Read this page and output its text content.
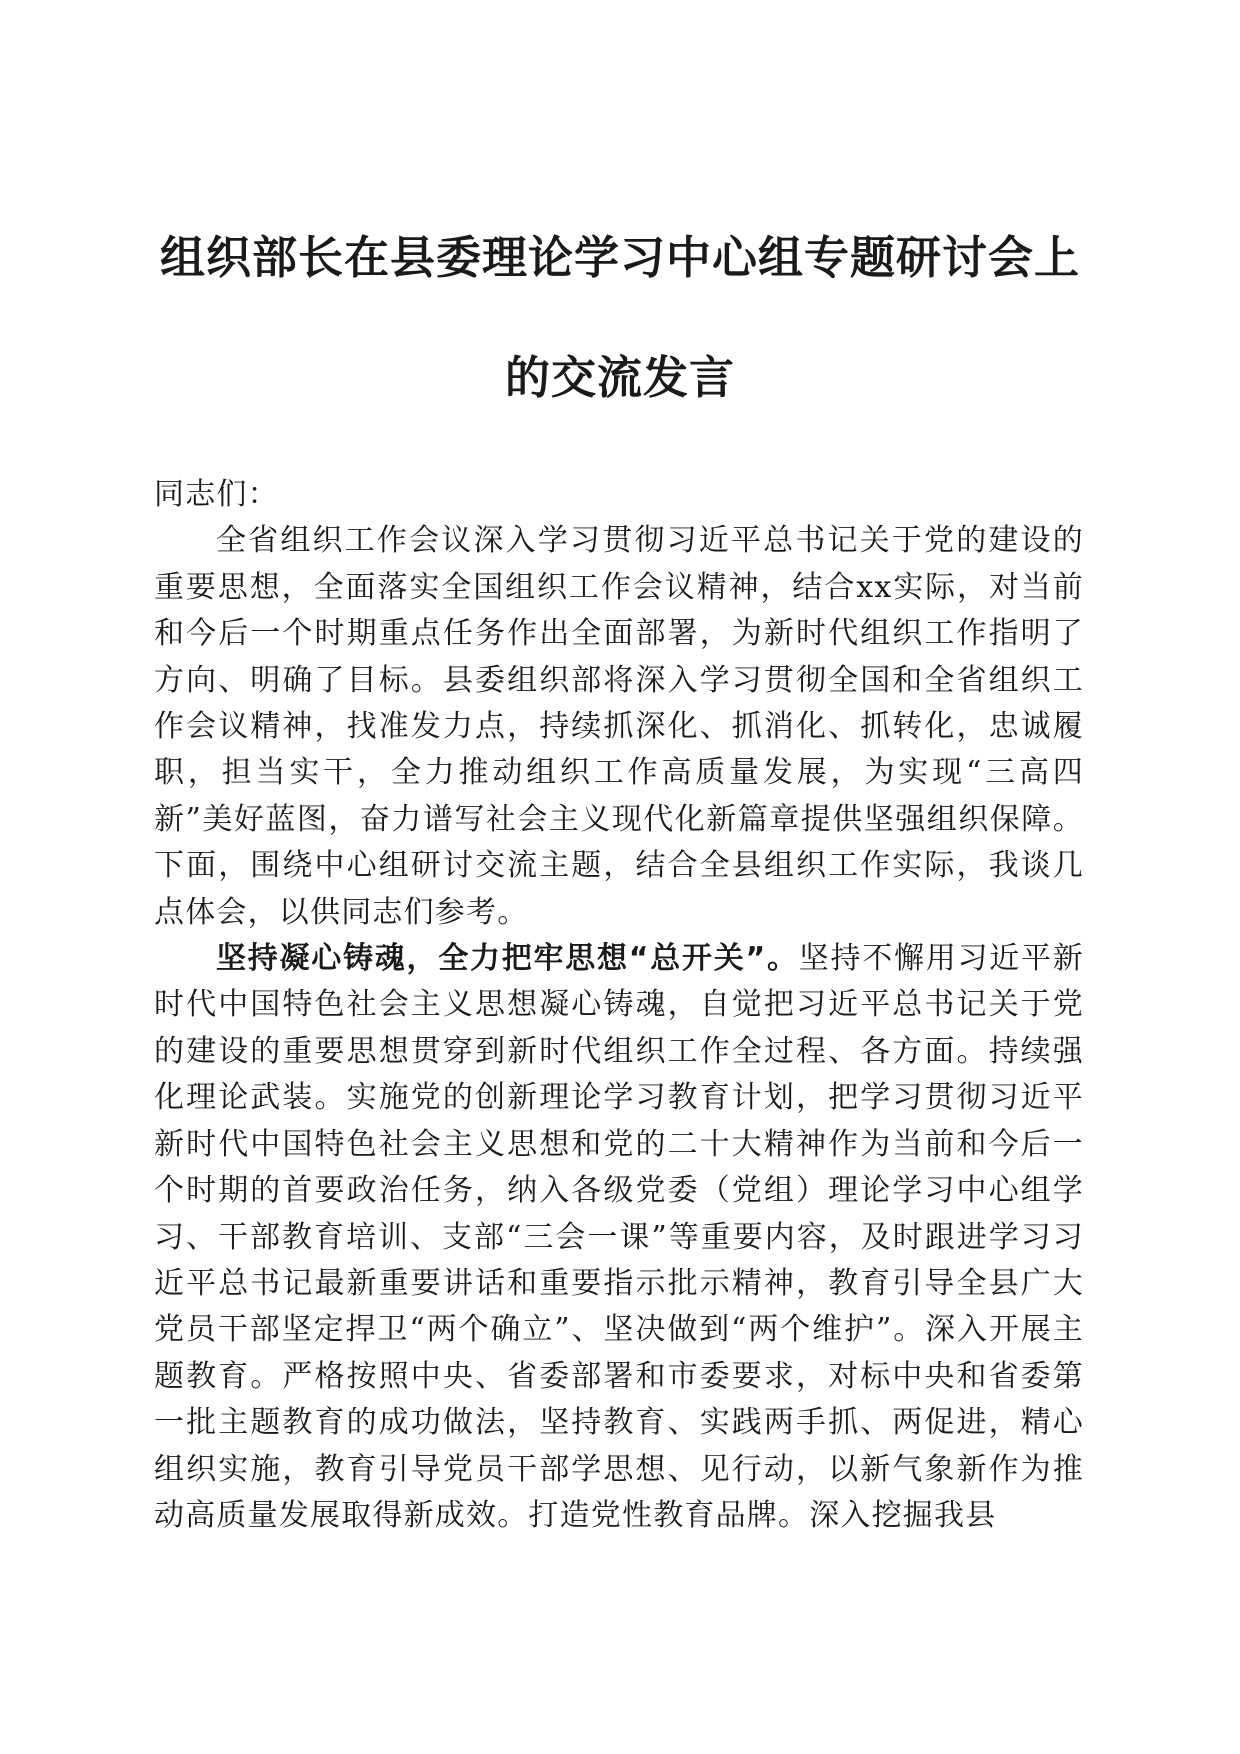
组织部长在县委理论学习中心组专题研讨会上
的交流发言

同志们：

全省组织工作会议深入学习贯彻习近平总书记关于党的建设的重要思想，全面落实全国组织工作会议精神，结合xx实际，对当前和今后一个时期重点任务作出全面部署，为新时代组织工作指明了方向、明确了目标。县委组织部将深入学习贯彻全国和全省组织工作会议精神，找准发力点，持续抓深化、抓消化、抓转化，忠诚履职，担当实干，全力推动组织工作高质量发展，为实现“三高四新”美好蓝图，奋力谱写社会主义现代化新篇章提供坚强组织保障。下面，围绕中心组研讨交流主题，结合全县组织工作实际，我谈几点体会，以供同志们参考。

坚持凝心铸魂，全力把牢思想“总开关”。坚持不懈用习近平新时代中国特色社会主义思想凝心铸魂，自觉把习近平总书记关于党的建设的重要思想贯穿到新时代组织工作全过程、各方面。持续强化理论武装。实施党的创新理论学习教育计划，把学习贯彻习近平新时代中国特色社会主义思想和党的二十大精神作为当前和今后一个时期的首要政治任务，纳入各级党委（党组）理论学习中心组学习、干部教育培训、支部“三会一课”等重要内容，及时跟进学习习近平总书记最新重要讲话和重要指示批示精神，教育引导全县广大党员干部坚定捍卫“两个确立”、坚决做到“两个维护”。深入开展主题教育。严格按照中央、省委部署和市委要求，对标中央和省委第一批主题教育的成功做法，坚持教育、实践两手抓、两促进，精心组织实施，教育引导党员干部学思想、见行动，以新气象新作为推动高质量发展取得新成效。打造党性教育品牌。深入挖掘我县
